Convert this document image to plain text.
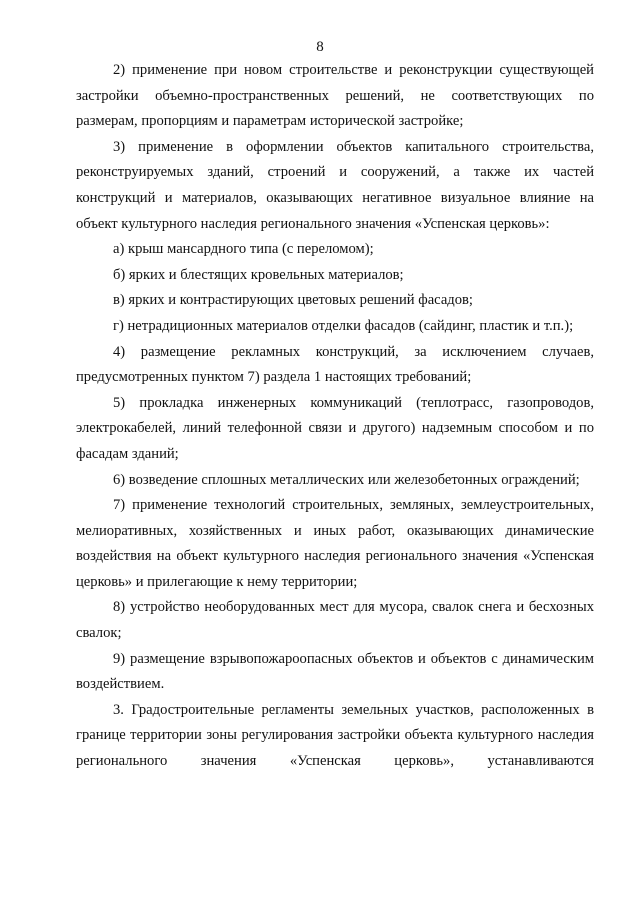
8

2) применение при новом строительстве и реконструкции существующей застройки объемно-пространственных решений, не соответствующих по размерам, пропорциям и параметрам исторической застройке;

3) применение в оформлении объектов капитального строительства, реконструируемых зданий, строений и сооружений, а также их частей конструкций и материалов, оказывающих негативное визуальное влияние на объект культурного наследия регионального значения «Успенская церковь»:

а) крыш мансардного типа (с переломом);

б) ярких и блестящих кровельных материалов;

в) ярких и контрастирующих цветовых решений фасадов;

г) нетрадиционных материалов отделки фасадов (сайдинг, пластик и т.п.);

4) размещение рекламных конструкций, за исключением случаев, предусмотренных пунктом 7) раздела 1 настоящих требований;

5) прокладка инженерных коммуникаций (теплотрасс, газопроводов, электрокабелей, линий телефонной связи и другого) надземным способом и по фасадам зданий;

6) возведение сплошных металлических или железобетонных ограждений;

7) применение технологий строительных, земляных, землеустроительных, мелиоративных, хозяйственных и иных работ, оказывающих динамические воздействия на объект культурного наследия регионального значения «Успенская церковь» и прилегающие к нему территории;

8) устройство необорудованных мест для мусора, свалок снега и бесхозных свалок;

9) размещение взрывопожароопасных объектов и объектов с динамическим воздействием.

3. Градостроительные регламенты земельных участков, расположенных в границе территории зоны регулирования застройки объекта культурного наследия регионального значения «Успенская церковь», устанавливаются
